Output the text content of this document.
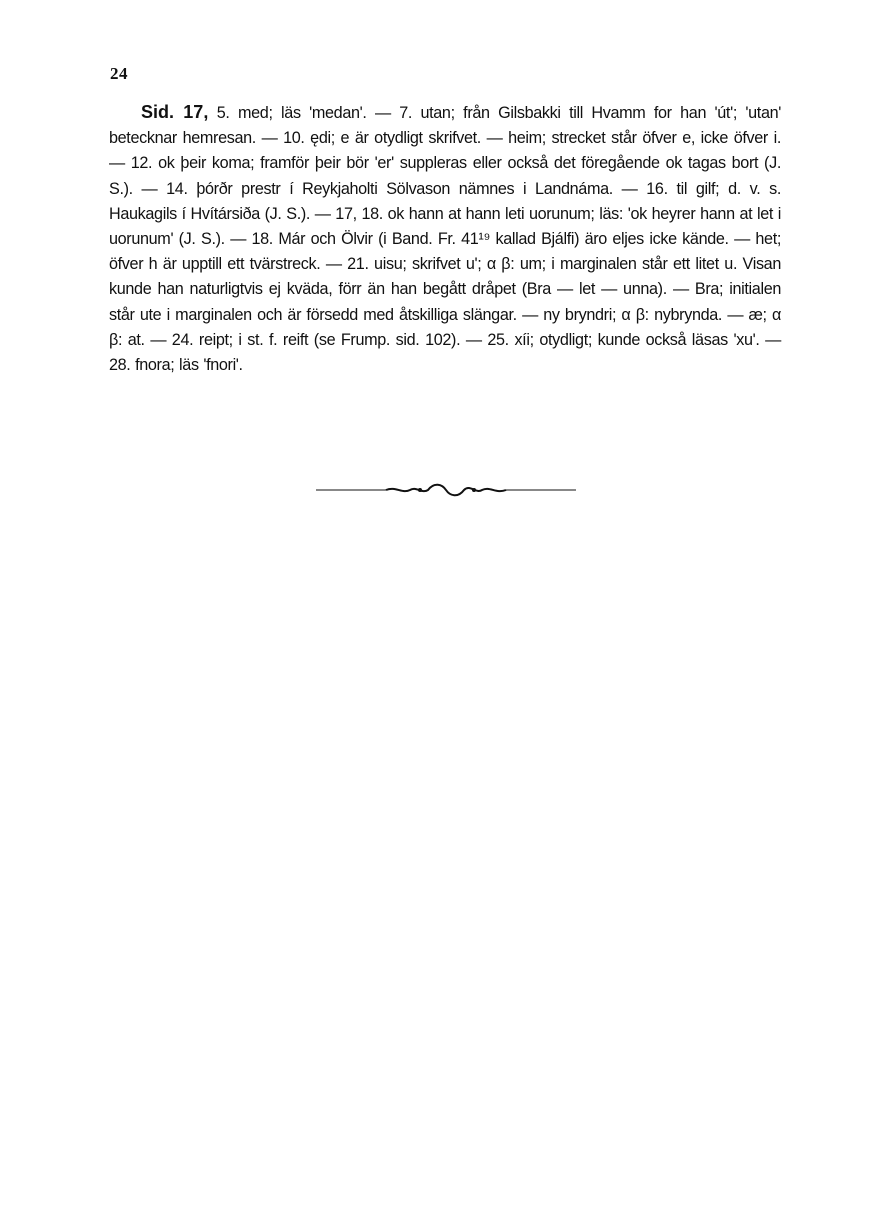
24

Sid. 17, 5. med; läs 'medan'. — 7. utan; från Gilsbakki till Hvamm for han 'út'; 'utan' betecknar hemresan. — 10. ędi; e är otydligt skrifvet. — heim; strecket står öfver e, icke öfver i. — 12. ok þeir koma; framför þeir bör 'er' suppleras eller också det föregående ok tagas bort (J. S.). — 14. þórðr prestr í Reykjaholti Sölvason nämnes i Landnáma. — 16. til gilf; d. v. s. Haukagils í Hvítársiða (J. S.). — 17, 18. ok hann at hann leti uorunum; läs: 'ok heyrer hann at let i uorunum' (J. S.). — 18. Már och Ölvir (i Band. Fr. 41¹⁹ kallad Bjálfi) äro eljes icke kände. — het; öfver h är upptill ett tvärstreck. — 21. uisu; skrifvet u'; α β: um; i marginalen står ett litet u. Visan kunde han naturligtvis ej kväda, förr än han begått dråpet (Bra — let — unna). — Bra; initialen står ute i marginalen och är försedd med åtskilliga slängar. — ny bryndri; α β: nybrynda. — æ; α β: at. — 24. reipt; i st. f. reift (se Frump. sid. 102). — 25. xíi; otydligt; kunde också läsas 'xu'. — 28. fnora; läs 'fnori'.
